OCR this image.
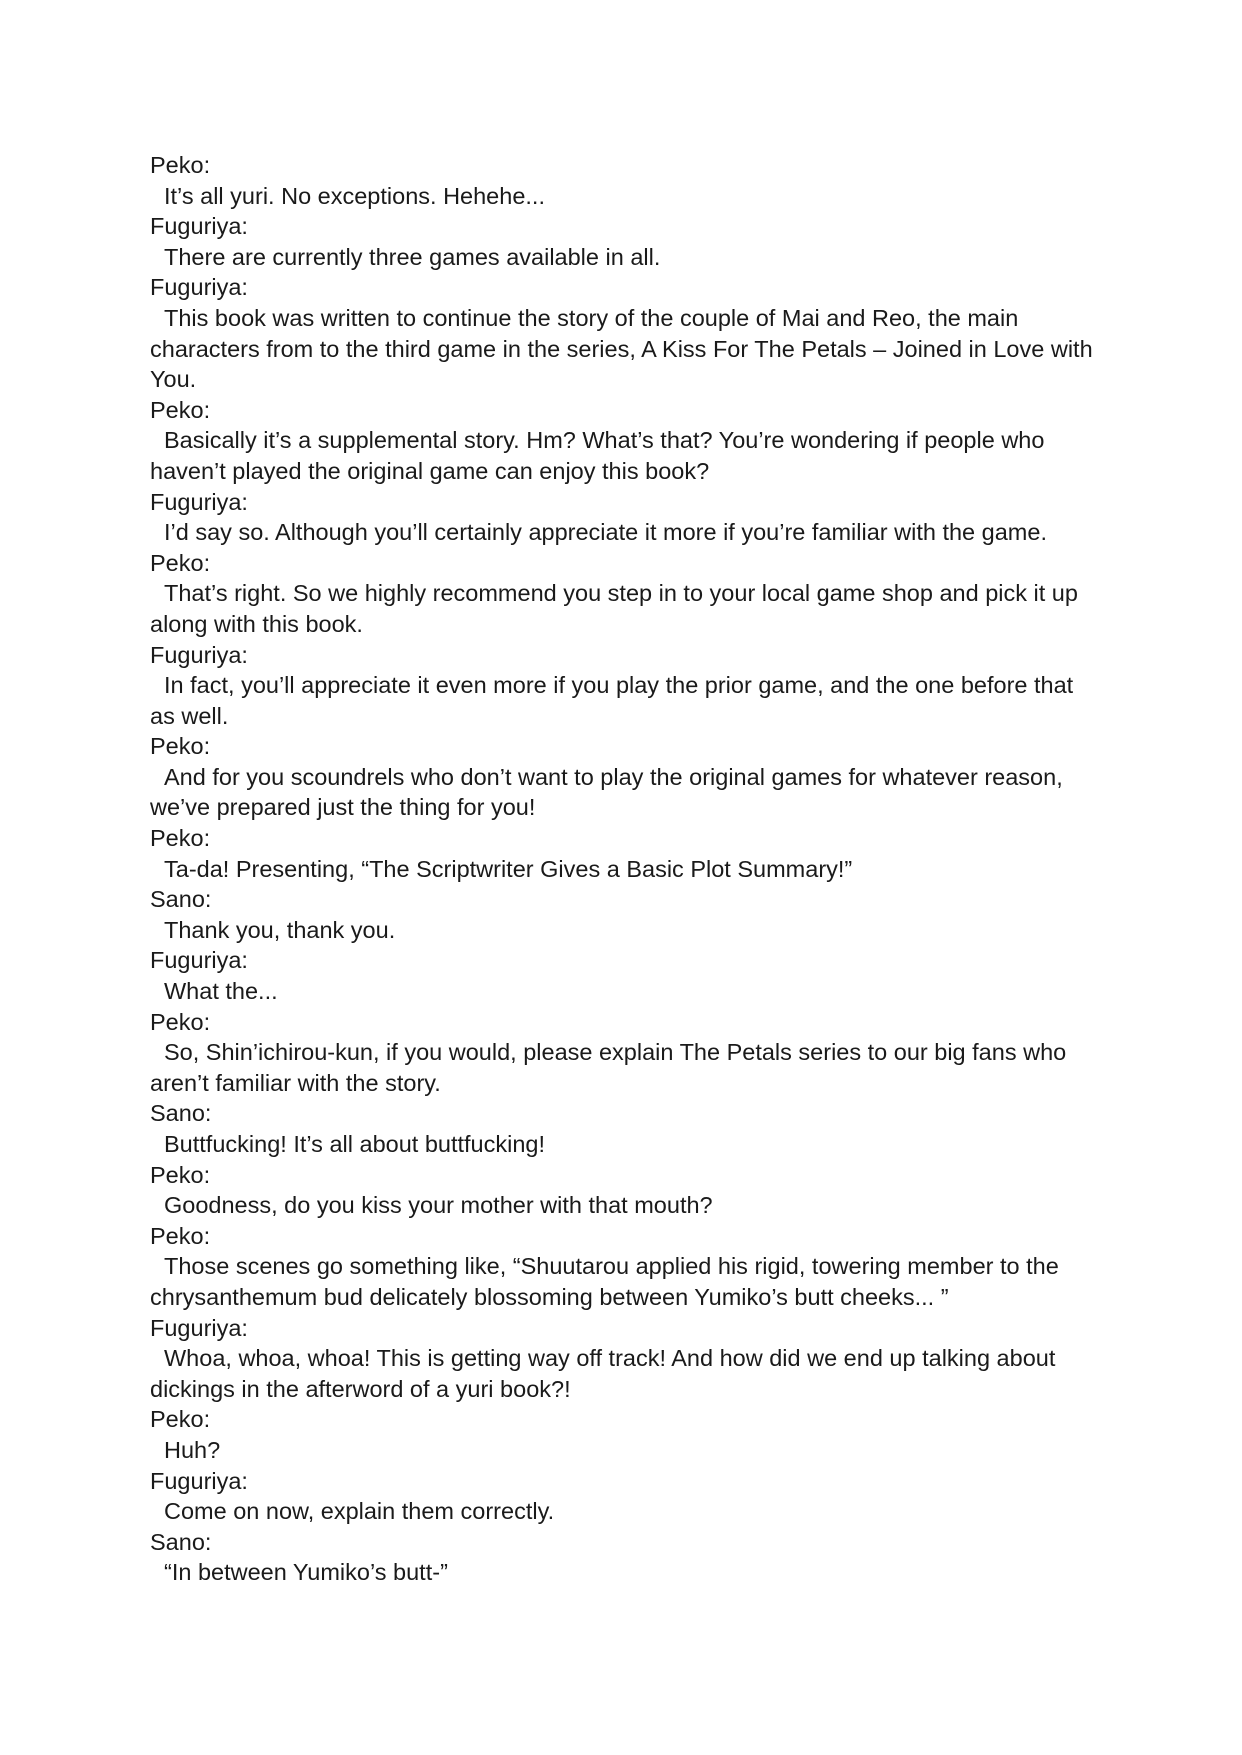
Peko:
It’s all yuri. No exceptions. Hehehe...
Fuguriya:
There are currently three games available in all.
Fuguriya:
This book was written to continue the story of the couple of Mai and Reo, the main characters from to the third game in the series, A Kiss For The Petals – Joined in Love with You.
Peko:
Basically it’s a supplemental story. Hm? What’s that? You’re wondering if people who haven’t played the original game can enjoy this book?
Fuguriya:
I’d say so. Although you’ll certainly appreciate it more if you’re familiar with the game.
Peko:
That’s right. So we highly recommend you step in to your local game shop and pick it up along with this book.
Fuguriya:
In fact, you’ll appreciate it even more if you play the prior game, and the one before that as well.
Peko:
And for you scoundrels who don’t want to play the original games for whatever reason, we’ve prepared just the thing for you!
Peko:
Ta-da! Presenting, “The Scriptwriter Gives a Basic Plot Summary!”
Sano:
Thank you, thank you.
Fuguriya:
What the...
Peko:
So, Shin’ichirou-kun, if you would, please explain The Petals series to our big fans who aren’t familiar with the story.
Sano:
Buttfucking! It’s all about buttfucking!
Peko:
Goodness, do you kiss your mother with that mouth?
Peko:
Those scenes go something like, “Shuutarou applied his rigid, towering member to the chrysanthemum bud delicately blossoming between Yumiko’s butt cheeks... ”
Fuguriya:
Whoa, whoa, whoa! This is getting way off track! And how did we end up talking about dickings in the afterword of a yuri book?!
Peko:
Huh?
Fuguriya:
Come on now, explain them correctly.
Sano:
“In between Yumiko’s butt-”
